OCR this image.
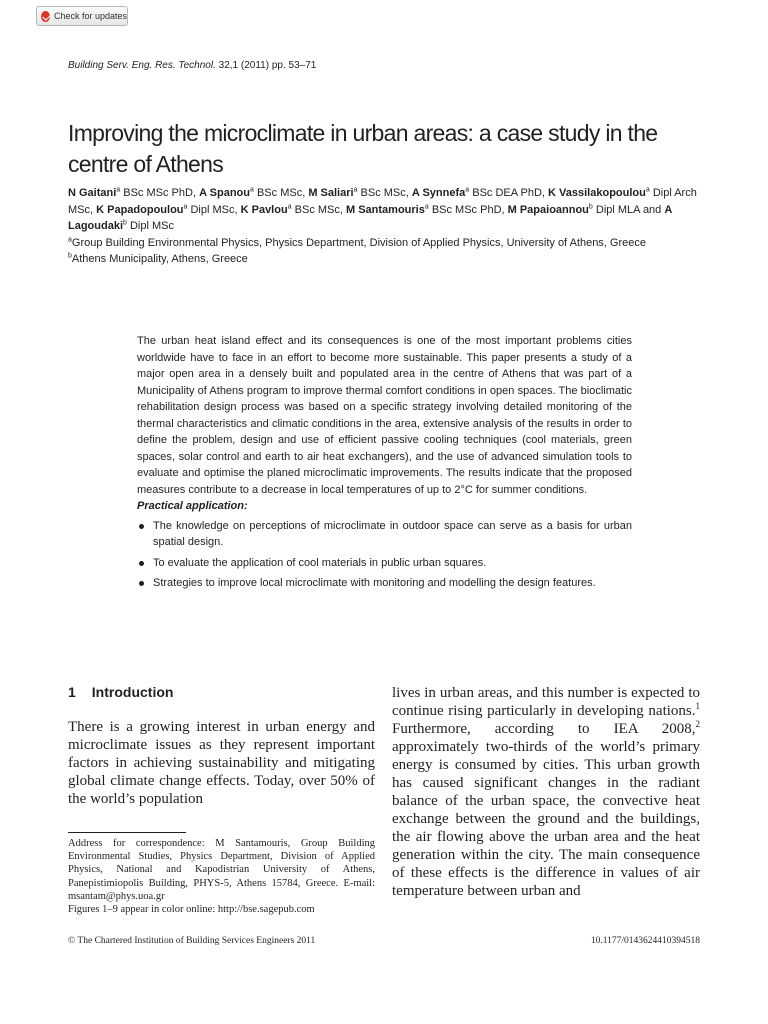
Check for updates
Building Serv. Eng. Res. Technol. 32,1 (2011) pp. 53–71
Improving the microclimate in urban areas: a case study in the centre of Athens
N Gaitani$^a$ BSc MSc PhD, A Spanou$^a$ BSc MSc, M Saliari$^a$ BSc MSc, A Synnefa$^a$ BSc DEA PhD, K Vassilakopoulou$^a$ Dipl Arch MSc, K Papadopoulou$^a$ Dipl MSc, K Pavlou$^a$ BSc MSc, M Santamouris$^a$ BSc MSc PhD, M Papaioannou$^b$ Dipl MLA and A Lagoudaki$^b$ Dipl MSc
$^a$Group Building Environmental Physics, Physics Department, Division of Applied Physics, University of Athens, Greece
$^b$Athens Municipality, Athens, Greece

The urban heat island effect and its consequences is one of the most important problems cities worldwide have to face in an effort to become more sustainable. This paper presents a study of a major open area in a densely built and populated area in the centre of Athens that was part of a Municipality of Athens program to improve thermal comfort conditions in open spaces. The bioclimatic rehabilitation design process was based on a specific strategy involving detailed monitoring of the thermal characteristics and climatic conditions in the area, extensive analysis of the results in order to define the problem, design and use of efficient passive cooling techniques (cool materials, green spaces, solar control and earth to air heat exchangers), and the use of advanced simulation tools to evaluate and optimise the planed microclimatic improvements. The results indicate that the proposed measures contribute to a decrease in local temperatures of up to 2°C for summer conditions.

Practical application:

The knowledge on perceptions of microclimate in outdoor space can serve as a basis for urban spatial design.
To evaluate the application of cool materials in public urban squares.
Strategies to improve local microclimate with monitoring and modelling the design features.
1 Introduction
There is a growing interest in urban energy and microclimate issues as they represent important factors in achieving sustainability and mitigating global climate change effects. Today, over 50% of the world’s population
lives in urban areas, and this number is expected to continue rising particularly in developing nations.$^1$ Furthermore, according to IEA 2008,$^2$ approximately two-thirds of the world’s primary energy is consumed by cities. This urban growth has caused significant changes in the radiant balance of the urban space, the convective heat exchange between the ground and the buildings, the air flowing above the urban area and the heat generation within the city. The main consequence of these effects is the difference in values of air temperature between urban and

Address for correspondence: M Santamouris, Group Building Environmental Studies, Physics Department, Division of Applied Physics, National and Kapodistrian University of Athens, Panepistimiopolis Building, PHYS-5, Athens 15784, Greece. E-mail: msantam@phys.uoa.gr

Figures 1–9 appear in color online: http://bse.sagepub.com

© The Chartered Institution of Building Services Engineers 2011	10.1177/0143624410394518
